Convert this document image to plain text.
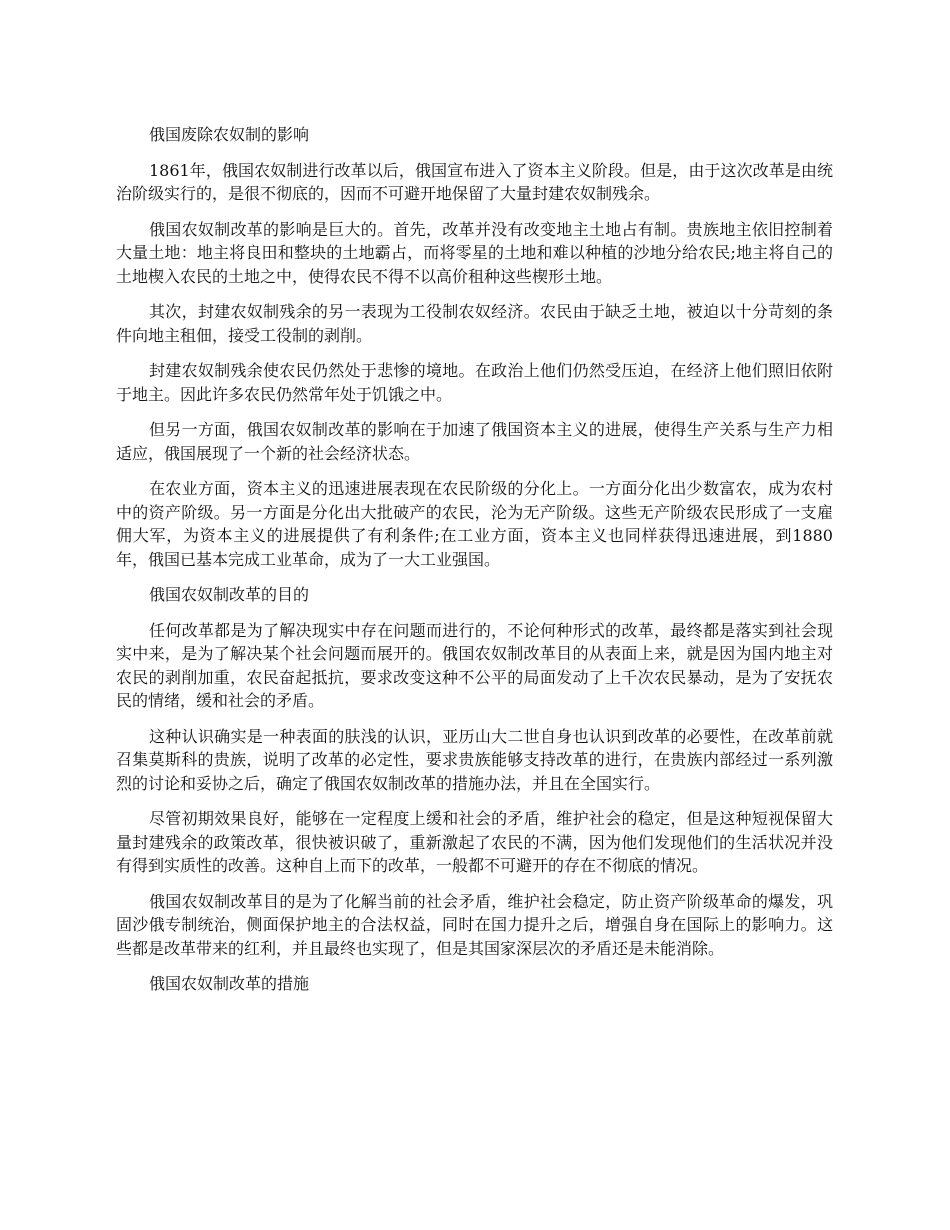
俄国废除农奴制的影响

1861年，俄国农奴制进行改革以后，俄国宣布进入了资本主义阶段。但是，由于这次改革是由统治阶级实行的，是很不彻底的，因而不可避开地保留了大量封建农奴制残余。

俄国农奴制改革的影响是巨大的。首先，改革并没有改变地主土地占有制。贵族地主依旧控制着大量土地：地主将良田和整块的土地霸占，而将零星的土地和难以种植的沙地分给农民;地主将自己的土地楔入农民的土地之中，使得农民不得不以高价租种这些楔形土地。

其次，封建农奴制残余的另一表现为工役制农奴经济。农民由于缺乏土地，被迫以十分苛刻的条件向地主租佃，接受工役制的剥削。

封建农奴制残余使农民仍然处于悲惨的境地。在政治上他们仍然受压迫，在经济上他们照旧依附于地主。因此许多农民仍然常年处于饥饿之中。

但另一方面，俄国农奴制改革的影响在于加速了俄国资本主义的进展，使得生产关系与生产力相适应，俄国展现了一个新的社会经济状态。

在农业方面，资本主义的迅速进展表现在农民阶级的分化上。一方面分化出少数富农，成为农村中的资产阶级。另一方面是分化出大批破产的农民，沦为无产阶级。这些无产阶级农民形成了一支雇佣大军，为资本主义的进展提供了有利条件;在工业方面，资本主义也同样获得迅速进展，到1880年，俄国已基本完成工业革命，成为了一大工业强国。

俄国农奴制改革的目的

任何改革都是为了解决现实中存在问题而进行的，不论何种形式的改革，最终都是落实到社会现实中来，是为了解决某个社会问题而展开的。俄国农奴制改革目的从表面上来，就是因为国内地主对农民的剥削加重，农民奋起抵抗，要求改变这种不公平的局面发动了上千次农民暴动，是为了安抚农民的情绪，缓和社会的矛盾。

这种认识确实是一种表面的肤浅的认识，亚历山大二世自身也认识到改革的必要性，在改革前就召集莫斯科的贵族，说明了改革的必定性，要求贵族能够支持改革的进行，在贵族内部经过一系列激烈的讨论和妥协之后，确定了俄国农奴制改革的措施办法，并且在全国实行。

尽管初期效果良好，能够在一定程度上缓和社会的矛盾，维护社会的稳定，但是这种短视保留大量封建残余的政策改革，很快被识破了，重新激起了农民的不满，因为他们发现他们的生活状况并没有得到实质性的改善。这种自上而下的改革，一般都不可避开的存在不彻底的情况。

俄国农奴制改革目的是为了化解当前的社会矛盾，维护社会稳定，防止资产阶级革命的爆发，巩固沙俄专制统治，侧面保护地主的合法权益，同时在国力提升之后，增强自身在国际上的影响力。这些都是改革带来的红利，并且最终也实现了，但是其国家深层次的矛盾还是未能消除。

俄国农奴制改革的措施
